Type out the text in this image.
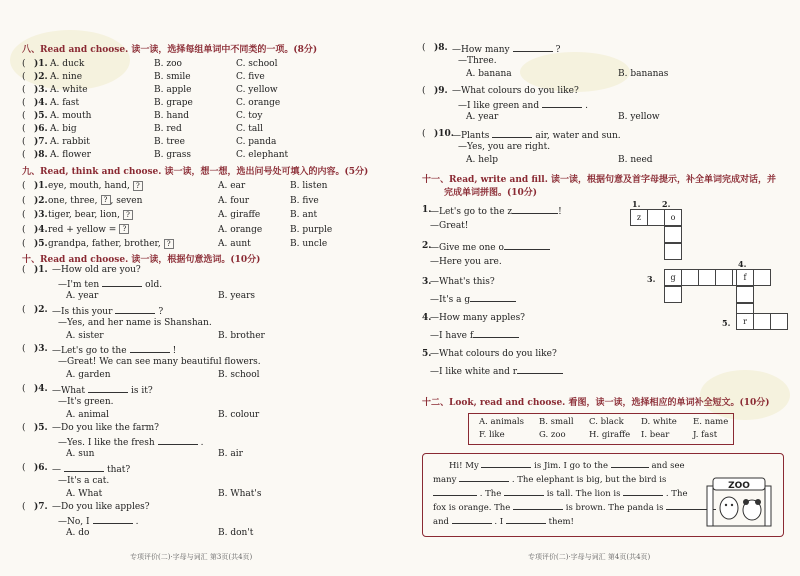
八、Read and choose. 读一读，选择每组单词中不同类的一项。(8分)
( )1. A. duck	B. zoo	C. school
( )2. A. nine	B. smile	C. five
( )3. A. white	B. apple	C. yellow
( )4. A. fast	B. grape	C. orange
( )5. A. mouth	B. hand	C. toy
( )6. A. big	B. red	C. tall
( )7. A. rabbit	B. tree	C. panda
( )8. A. flower	B. grass	C. elephant
九、Read, think and choose. 读一读，想一想，选出问号处可填入的内容。(5分)
( )1. eye, mouth, hand, ?	A. ear	B. listen
( )2. one, three, ? , seven	A. four	B. five
( )3. tiger, bear, lion, ?	A. giraffe	B. ant
( )4. red + yellow = ?	A. orange	B. purple
( )5. grandpa, father, brother, ?	A. aunt	B. uncle
十、Read and choose. 读一读，根据句意选词。(10分)
( )1. —How old are you?
—I'm ten	old.
A. year	B. years
( )2. —Is this your	?
—Yes, and her name is Shanshan.
A. sister	B. brother
( )3. —Let's go to the	!
—Great! We can see many beautiful flowers.
A. garden	B. school
( )4. —What	is it?
—It's green.
A. animal	B. colour
( )5. —Do you like the farm?
—Yes. I like the fresh	.
A. sun	B. air
( )6. —	that?
—It's a cat.
A. What	B. What's
( )7. —Do you like apples?
—No, I	.
A. do	B. don't
专项评价(二)·字母与词汇 第3页(共4页)
( )8. —How many	?
—Three.
A. banana	B. bananas
( )9. —What colours do you like?
—I like green and	.
A. year	B. yellow
( )10.
—Plants	air, water and sun.
—Yes, you are right.
A. help	B. need
十一、Read, write and fill. 读一读，根据句意及首字母提示，补全单词完成对话，并
完成单词拼图。(10分)
1.
—Let's go to the z	!
—Great!
2.
—Give me one o
—Here you are.
3.
—What's this?
—It's a g
4.
—How many apples?
—I have f
5.
—What colours do you like?
—I like white and r
1.	2.
z	o
3.	g
4.
f
5.	r
十二、Look, read and choose. 看图，读一读，选择相应的单词补全短文。(10分)
A. animals B. small C. black D. white E. name
F. like	G. zoo	H. giraffe I. bear	J. fast
Hi! My	is Jim. I go to the	and see
many	. The elephant is big, but the bird is
. The	is tall. The lion is	. The
fox is orange. The	is brown. The panda is
and	. I	them!
ZOO
专项评价(二)·字母与词汇 第4页(共4页)
